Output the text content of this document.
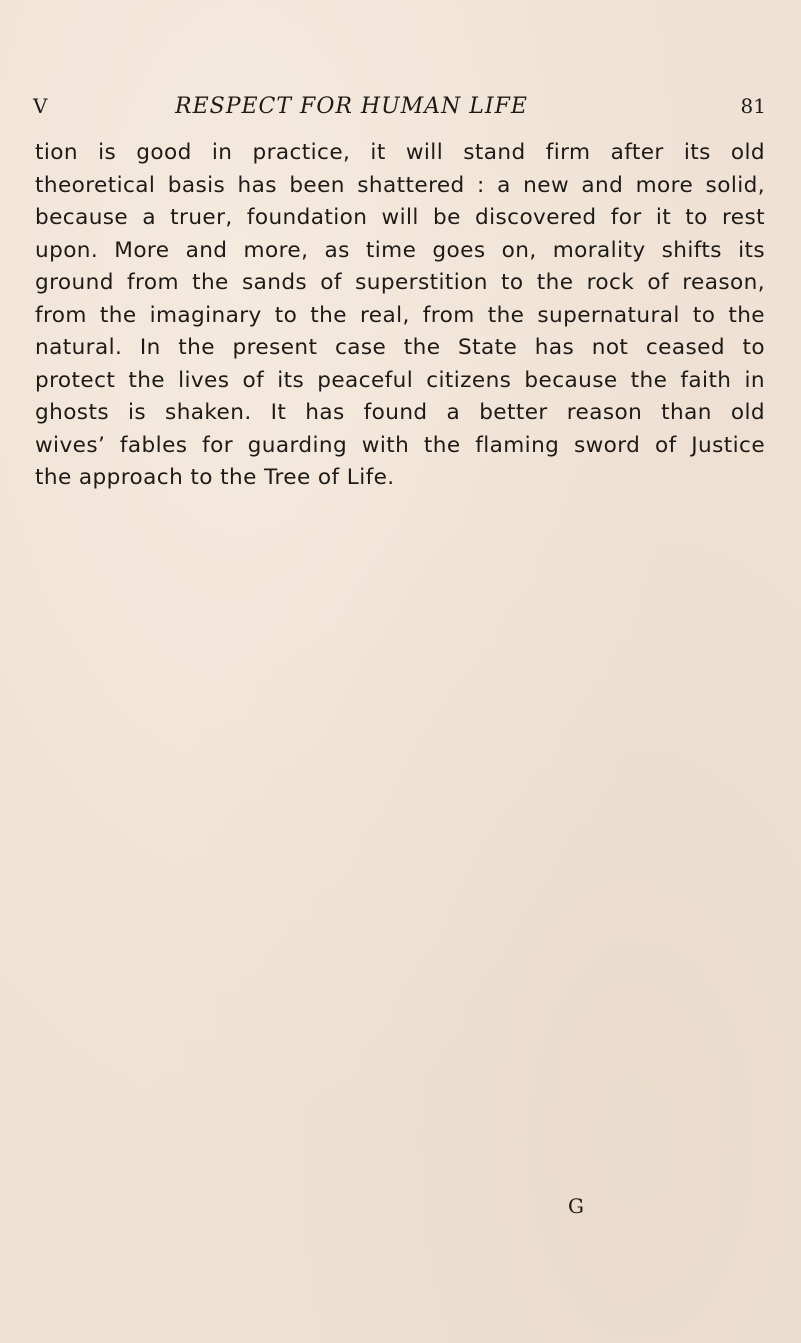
V	RESPECT FOR HUMAN LIFE	81
tion is good in practice, it will stand firm after its old
theoretical basis has been shattered : a new and more solid,
because a truer, foundation will be discovered for it to rest
upon. More and more, as time goes on, morality shifts its
ground from the sands of superstition to the rock of reason,
from the imaginary to the real, from the supernatural to the
natural. In the present case the State has not ceased to
protect the lives of its peaceful citizens because the faith in
ghosts is shaken. It has found a better reason than old
wives’ fables for guarding with the flaming sword of Justice
the approach to the Tree of Life.
G
